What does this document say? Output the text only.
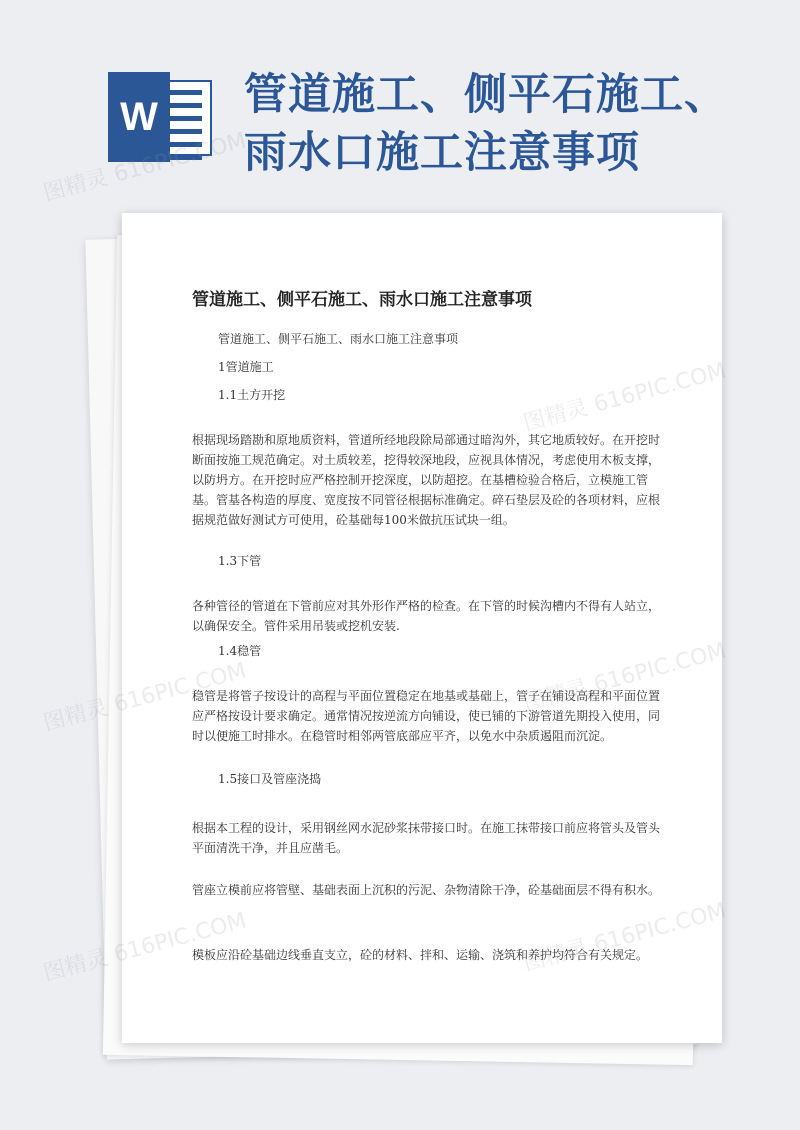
W 管道施工、侧平石施工、雨水口施工注意事项
管道施工、侧平石施工、雨水口施工注意事项
管道施工、侧平石施工、雨水口施工注意事项
1管道施工
1.1土方开挖
根据现场踏勘和原地质资料，管道所经地段除局部通过暗沟外，其它地质较好。在开挖时断面按施工规范确定。对土质较差，挖得较深地段，应视具体情况，考虑使用木板支撑，以防坍方。在开挖时应严格控制开挖深度，以防超挖。在基槽检验合格后，立模施工管基。管基各构造的厚度、宽度按不同管径根据标准确定。碎石垫层及砼的各项材料，应根据规范做好测试方可使用，砼基础每100米做抗压试块一组。
1.3下管
各种管径的管道在下管前应对其外形作严格的检查。在下管的时候沟槽内不得有人站立，以确保安全。管件采用吊装或挖机安装.
1.4稳管
稳管是将管子按设计的高程与平面位置稳定在地基或基础上，管子在铺设高程和平面位置应严格按设计要求确定。通常情况按逆流方向铺设，使已铺的下游管道先期投入使用，同时以便施工时排水。在稳管时相邻两管底部应平齐，以免水中杂质遏阻而沉淀。
1.5接口及管座浇捣
根据本工程的设计，采用钢丝网水泥砂浆抹带接口时。在施工抹带接口前应将管头及管头平面清洗干净，并且应凿毛。
管座立模前应将管壁、基础表面上沉积的污泥、杂物清除干净，砼基础面层不得有积水。
模板应沿砼基础边线垂直支立，砼的材料、拌和、运输、浇筑和养护均符合有关规定。
图精灵 616PIC.COM
图精灵
图精灵
